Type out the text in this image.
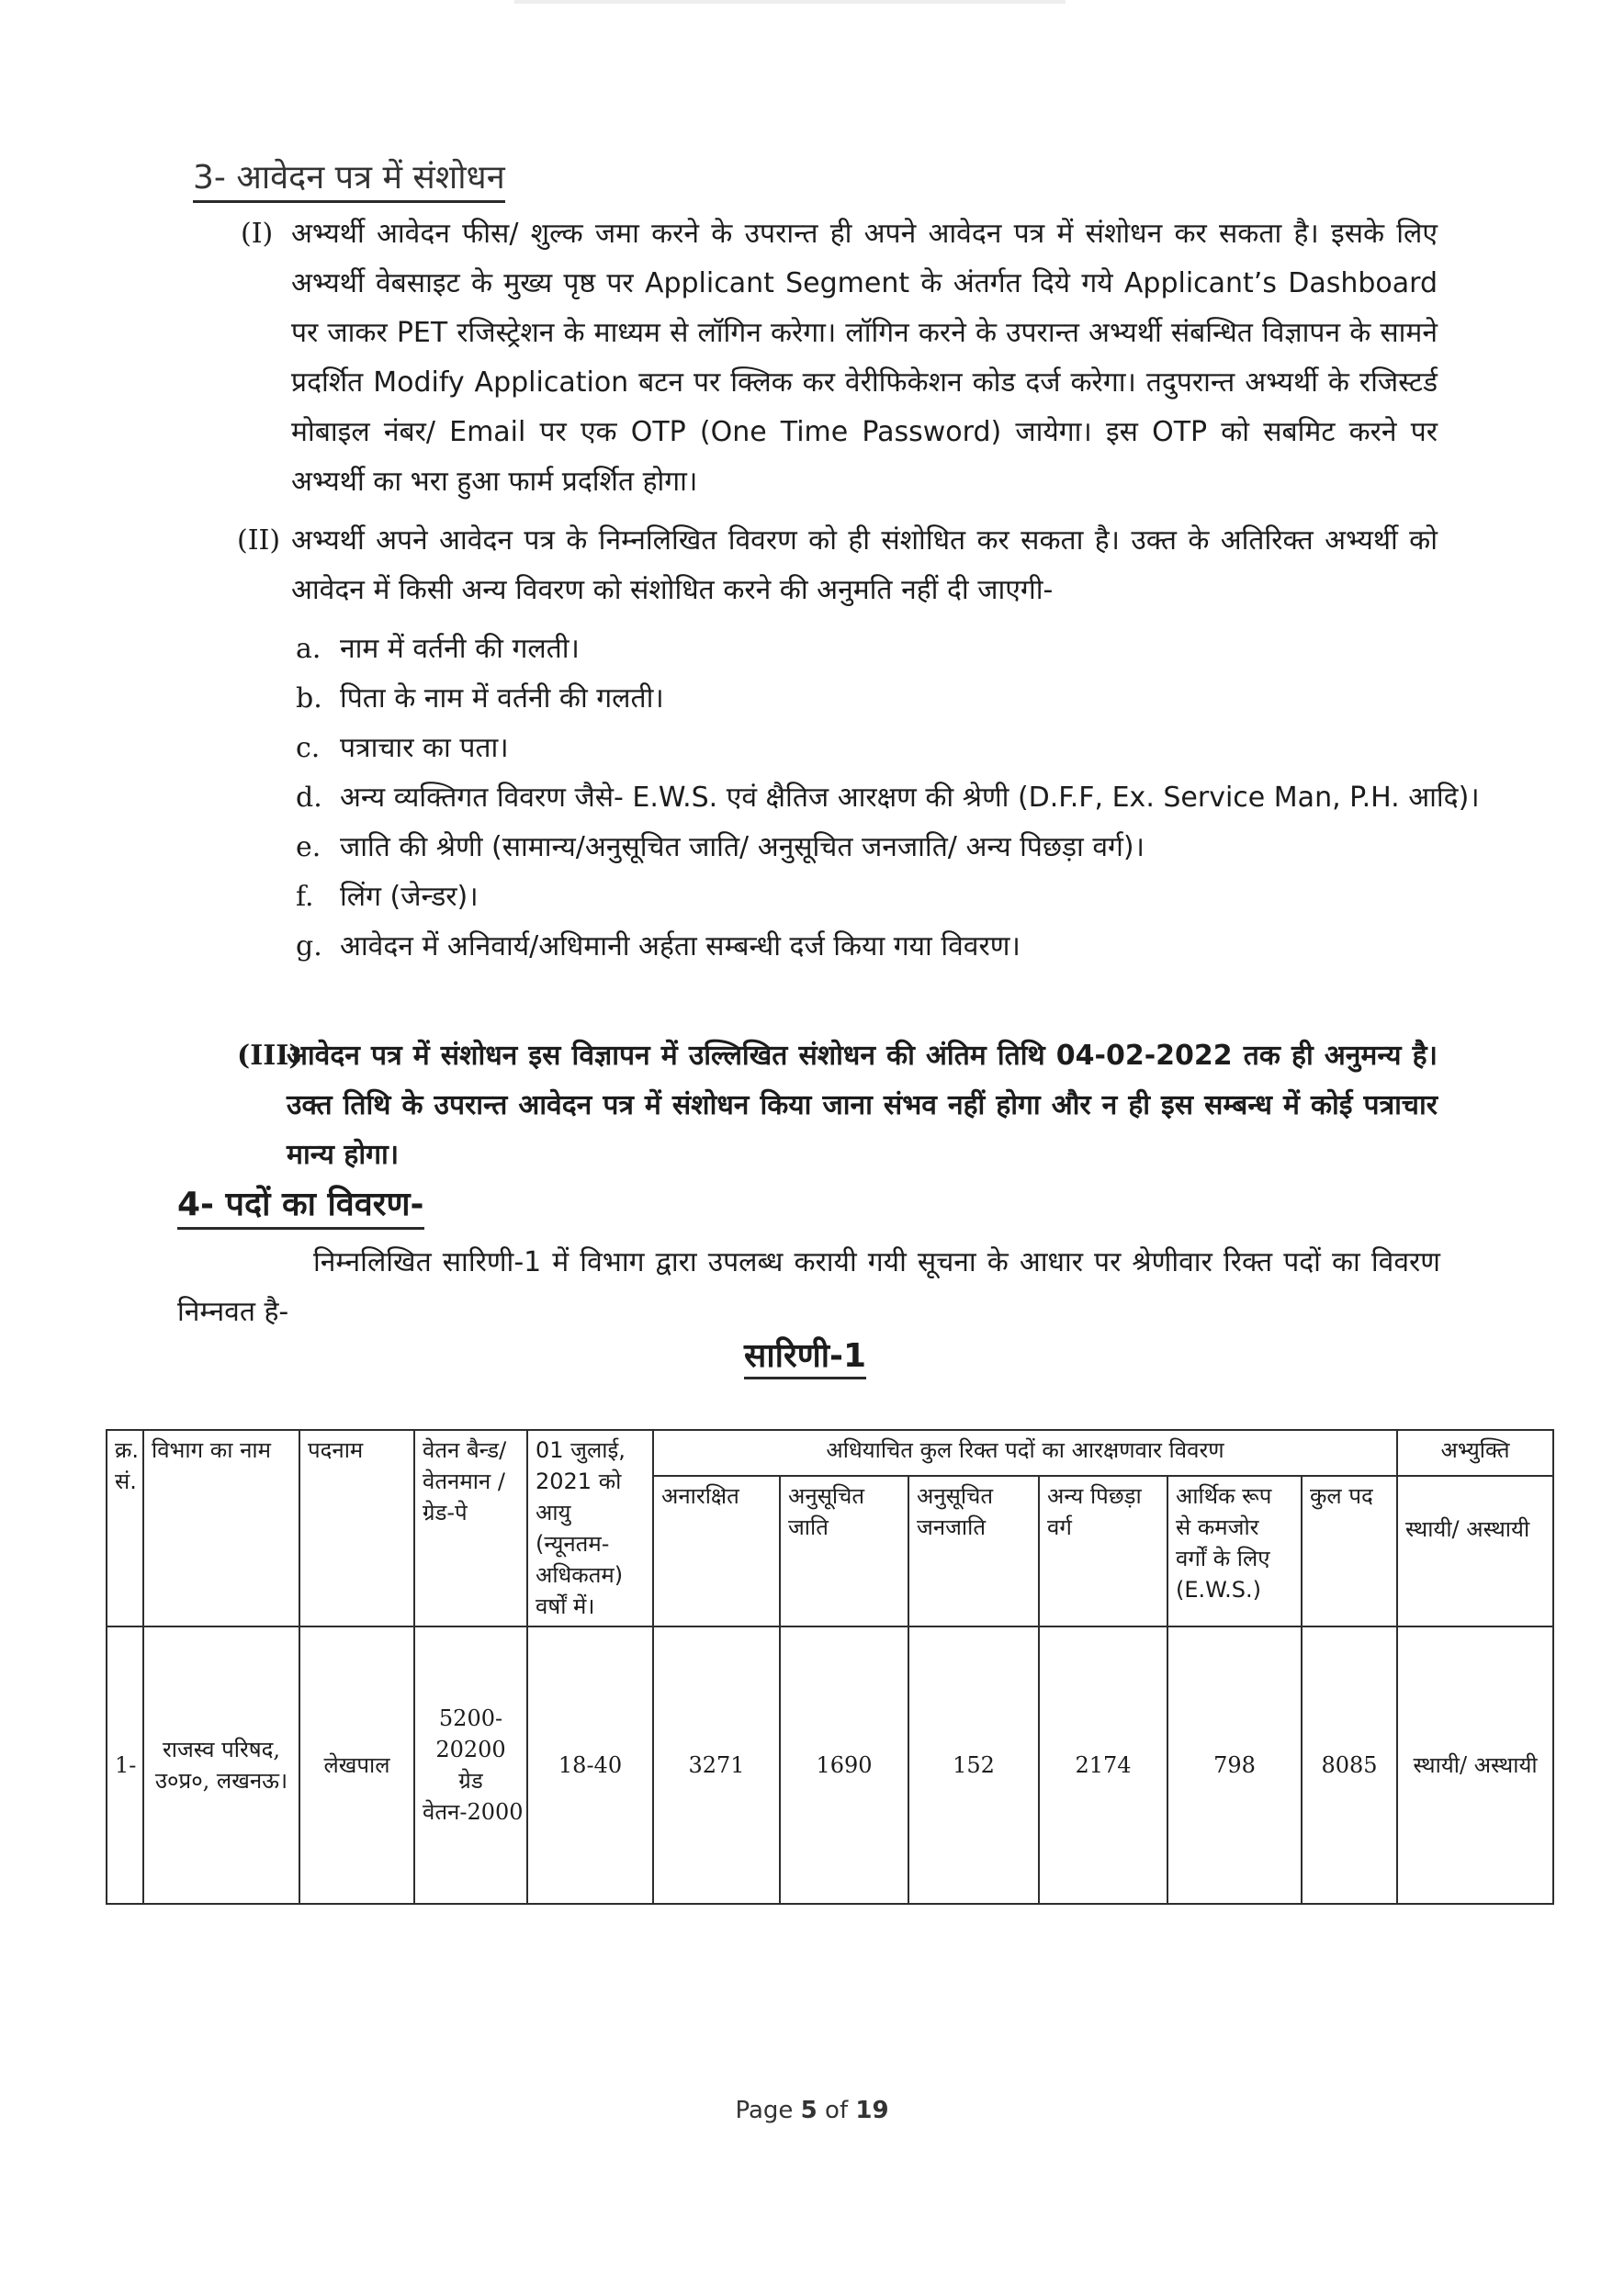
3- आवेदन पत्र में संशोधन
(I) अभ्यर्थी आवेदन फीस/ शुल्क जमा करने के उपरान्त ही अपने आवेदन पत्र में संशोधन कर सकता है। इसके लिए अभ्यर्थी वेबसाइट के मुख्य पृष्ठ पर Applicant Segment के अंतर्गत दिये गये Applicant’s Dashboard पर जाकर PET रजिस्ट्रेशन के माध्यम से लॉगिन करेगा। लॉगिन करने के उपरान्त अभ्यर्थी संबन्धित विज्ञापन के सामने प्रदर्शित Modify Application बटन पर क्लिक कर वेरीफिकेशन कोड दर्ज करेगा। तदुपरान्त अभ्यर्थी के रजिस्टर्ड मोबाइल नंबर/ Email पर एक OTP (One Time Password) जायेगा। इस OTP को सबमिट करने पर अभ्यर्थी का भरा हुआ फार्म प्रदर्शित होगा।
(II) अभ्यर्थी अपने आवेदन पत्र के निम्नलिखित विवरण को ही संशोधित कर सकता है। उक्त के अतिरिक्त अभ्यर्थी को आवेदन में किसी अन्य विवरण को संशोधित करने की अनुमति नहीं दी जाएगी-
a. नाम में वर्तनी की गलती।
b. पिता के नाम में वर्तनी की गलती।
c. पत्राचार का पता।
d. अन्य व्यक्तिगत विवरण जैसे- E.W.S. एवं क्षैतिज आरक्षण की श्रेणी (D.F.F, Ex. Service Man, P.H. आदि)।
e. जाति की श्रेणी (सामान्य/अनुसूचित जाति/ अनुसूचित जनजाति/ अन्य पिछड़ा वर्ग)।
f. लिंग (जेन्डर)।
g. आवेदन में अनिवार्य/अधिमानी अर्हता सम्बन्धी दर्ज किया गया विवरण।
(III)
आवेदन पत्र में संशोधन इस विज्ञापन में उल्लिखित संशोधन की अंतिम तिथि 04-02-2022 तक ही अनुमन्य है। उक्त तिथि के उपरान्त आवेदन पत्र में संशोधन किया जाना संभव नहीं होगा और न ही इस सम्बन्ध में कोई पत्राचार मान्य होगा।
4- पदों का विवरण-
निम्नलिखित सारिणी-1 में विभाग द्वारा उपलब्ध करायी गयी सूचना के आधार पर श्रेणीवार रिक्त पदों का विवरण निम्नवत है-
सारिणी-1
क्र. सं.	विभाग का नाम	पदनाम	वेतन बैन्ड/ वेतनमान /ग्रेड-पे	01 जुलाई, 2021 को आयु (न्यूनतम- अधिकतम) वर्षों में।	अधियाचित कुल रिक्त पदों का आरक्षणवार विवरण						अभ्युक्ति
					अनारक्षित	अनुसूचित जाति	अनुसूचित जनजाति	अन्य पिछड़ा वर्ग	आर्थिक रूप से कमजोर वर्गों के लिए (E.W.S.)	कुल पद	स्थायी/ अस्थायी
1-	राजस्व परिषद, उ०प्र०, लखनऊ।	लेखपाल	5200-20200 ग्रेड वेतन-2000	18-40	3271	1690	152	2174	798	8085	स्थायी/ अस्थायी
Page 5 of 19
